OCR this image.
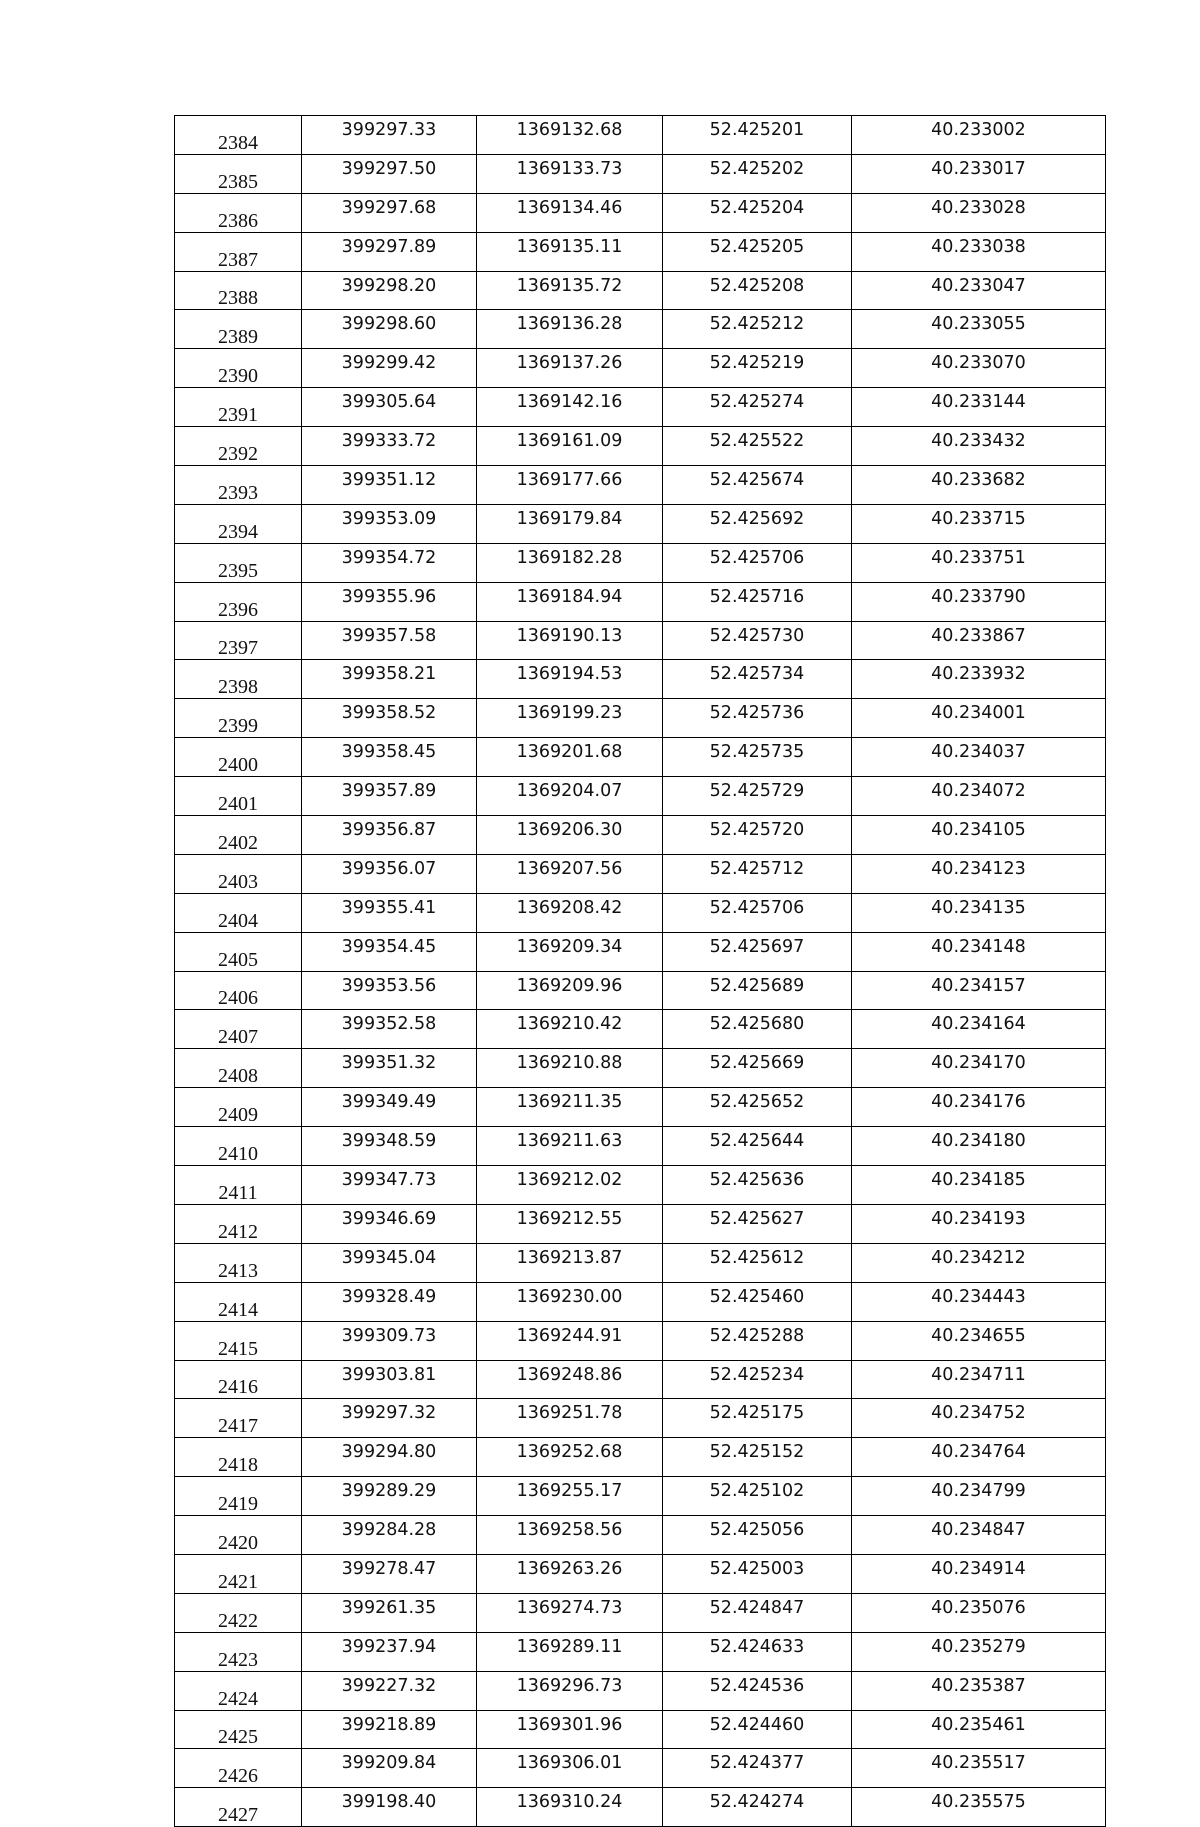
2384	399297.33	1369132.68	52.425201	40.233002
2385	399297.50	1369133.73	52.425202	40.233017
2386	399297.68	1369134.46	52.425204	40.233028
2387	399297.89	1369135.11	52.425205	40.233038
2388	399298.20	1369135.72	52.425208	40.233047
2389	399298.60	1369136.28	52.425212	40.233055
2390	399299.42	1369137.26	52.425219	40.233070
2391	399305.64	1369142.16	52.425274	40.233144
2392	399333.72	1369161.09	52.425522	40.233432
2393	399351.12	1369177.66	52.425674	40.233682
2394	399353.09	1369179.84	52.425692	40.233715
2395	399354.72	1369182.28	52.425706	40.233751
2396	399355.96	1369184.94	52.425716	40.233790
2397	399357.58	1369190.13	52.425730	40.233867
2398	399358.21	1369194.53	52.425734	40.233932
2399	399358.52	1369199.23	52.425736	40.234001
2400	399358.45	1369201.68	52.425735	40.234037
2401	399357.89	1369204.07	52.425729	40.234072
2402	399356.87	1369206.30	52.425720	40.234105
2403	399356.07	1369207.56	52.425712	40.234123
2404	399355.41	1369208.42	52.425706	40.234135
2405	399354.45	1369209.34	52.425697	40.234148
2406	399353.56	1369209.96	52.425689	40.234157
2407	399352.58	1369210.42	52.425680	40.234164
2408	399351.32	1369210.88	52.425669	40.234170
2409	399349.49	1369211.35	52.425652	40.234176
2410	399348.59	1369211.63	52.425644	40.234180
2411	399347.73	1369212.02	52.425636	40.234185
2412	399346.69	1369212.55	52.425627	40.234193
2413	399345.04	1369213.87	52.425612	40.234212
2414	399328.49	1369230.00	52.425460	40.234443
2415	399309.73	1369244.91	52.425288	40.234655
2416	399303.81	1369248.86	52.425234	40.234711
2417	399297.32	1369251.78	52.425175	40.234752
2418	399294.80	1369252.68	52.425152	40.234764
2419	399289.29	1369255.17	52.425102	40.234799
2420	399284.28	1369258.56	52.425056	40.234847
2421	399278.47	1369263.26	52.425003	40.234914
2422	399261.35	1369274.73	52.424847	40.235076
2423	399237.94	1369289.11	52.424633	40.235279
2424	399227.32	1369296.73	52.424536	40.235387
2425	399218.89	1369301.96	52.424460	40.235461
2426	399209.84	1369306.01	52.424377	40.235517
2427	399198.40	1369310.24	52.424274	40.235575
